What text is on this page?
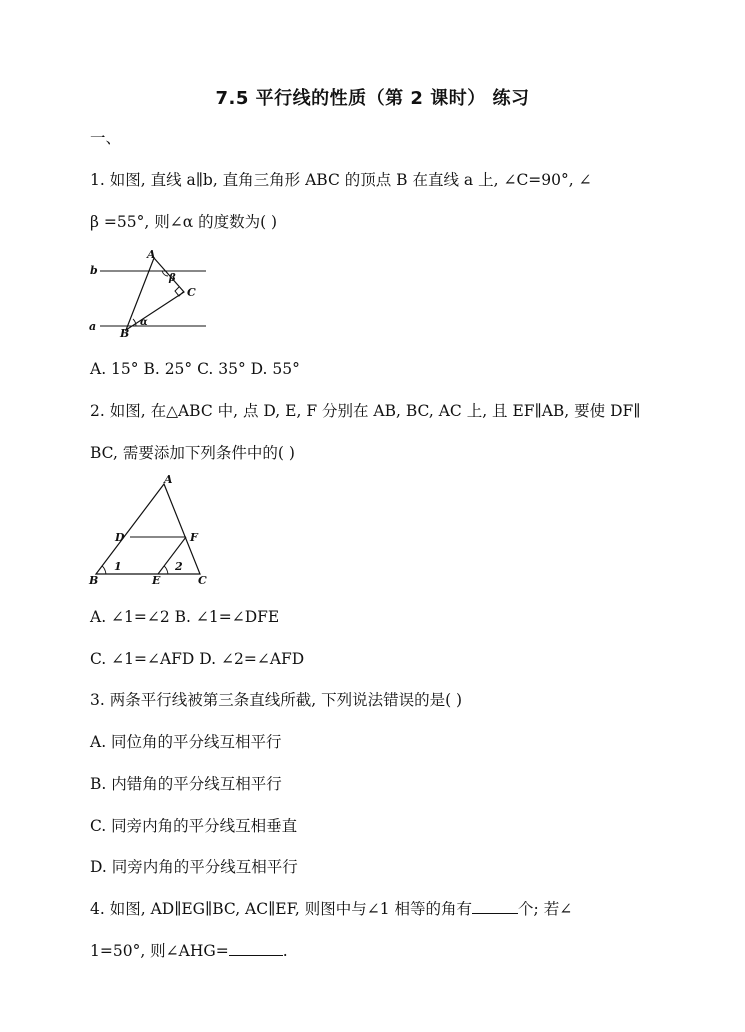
7.5 平行线的性质（第 2 课时） 练习
一、
1. 如图, 直线 a∥b, 直角三角形 ABC 的顶点 B 在直线 a 上, ∠C=90°, ∠
β =55°, 则∠α 的度数为( )
b
a
A
B
C
β
α
A. 15° B. 25° C. 35° D. 55°
2. 如图, 在△ABC 中, 点 D, E, F 分别在 AB, BC, AC 上, 且 EF∥AB, 要使 DF∥
BC, 需要添加下列条件中的( )
A
D	F
B	E	C
1	2
A. ∠1=∠2 B. ∠1=∠DFE
C. ∠1=∠AFD D. ∠2=∠AFD
3. 两条平行线被第三条直线所截, 下列说法错误的是( )
A. 同位角的平分线互相平行
B. 内错角的平分线互相平行
C. 同旁内角的平分线互相垂直
D. 同旁内角的平分线互相平行
4. 如图, AD∥EG∥BC, AC∥EF, 则图中与∠1 相等的角有	个; 若∠
1=50°, 则∠AHG=	.
